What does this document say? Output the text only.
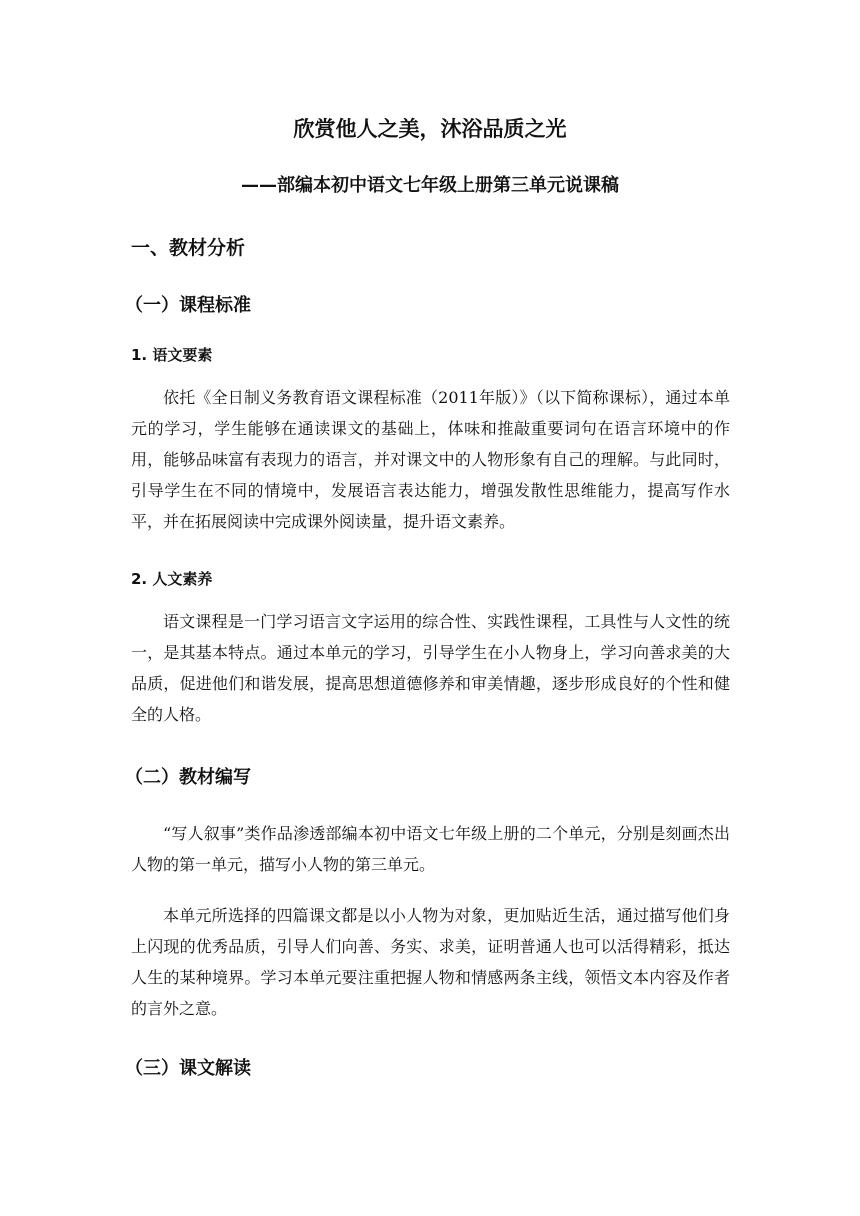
欣赏他人之美，沐浴品质之光
——部编本初中语文七年级上册第三单元说课稿
一、教材分析
（一）课程标准
1. 语文要素

依托《全日制义务教育语文课程标准（2011年版）》（以下简称课标），通过本单元的学习，学生能够在通读课文的基础上，体味和推敲重要词句在语言环境中的作用，能够品味富有表现力的语言，并对课文中的人物形象有自己的理解。与此同时，引导学生在不同的情境中，发展语言表达能力，增强发散性思维能力，提高写作水平，并在拓展阅读中完成课外阅读量，提升语文素养。

2. 人文素养

语文课程是一门学习语言文字运用的综合性、实践性课程，工具性与人文性的统一，是其基本特点。通过本单元的学习，引导学生在小人物身上，学习向善求美的大品质，促进他们和谐发展，提高思想道德修养和审美情趣，逐步形成良好的个性和健全的人格。

（二）教材编写

“写人叙事”类作品渗透部编本初中语文七年级上册的二个单元，分别是刻画杰出人物的第一单元，描写小人物的第三单元。

本单元所选择的四篇课文都是以小人物为对象，更加贴近生活，通过描写他们身上闪现的优秀品质，引导人们向善、务实、求美，证明普通人也可以活得精彩，抵达人生的某种境界。学习本单元要注重把握人物和情感两条主线，领悟文本内容及作者的言外之意。

（三）课文解读
